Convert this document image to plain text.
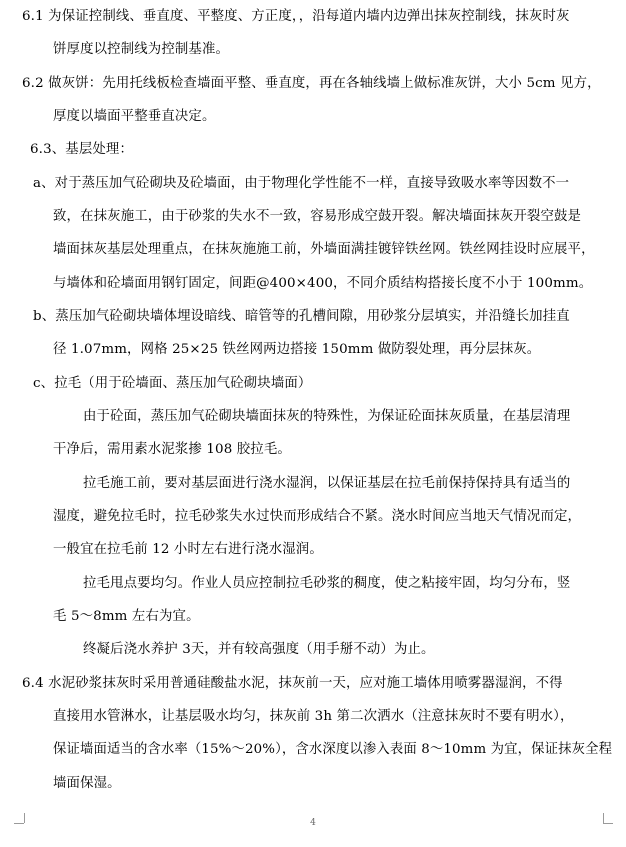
6.1 为保证控制线、垂直度、平整度、方正度，，沿每道内墙内边弹出抹灰控制线，抹灰时灰
饼厚度以控制线为控制基准。
6.2 做灰饼：先用托线板检查墙面平整、垂直度，再在各轴线墙上做标准灰饼，大小 5cm 见方，
厚度以墙面平整垂直决定。
6.3、基层处理：
a、对于蒸压加气砼砌块及砼墙面，由于物理化学性能不一样，直接导致吸水率等因数不一
致，在抹灰施工，由于砂浆的失水不一致，容易形成空鼓开裂。解决墙面抹灰开裂空鼓是
墙面抹灰基层处理重点，在抹灰施施工前，外墙面满挂镀锌铁丝网。铁丝网挂设时应展平，
与墙体和砼墙面用钢钉固定，间距@400×400，不同介质结构搭接长度不小于 100mm。
b、蒸压加气砼砌块墙体埋设暗线、暗管等的孔槽间隙，用砂浆分层填实，并沿缝长加挂直
径 1.07mm，网格 25×25 铁丝网两边搭接 150mm 做防裂处理，再分层抹灰。
c、拉毛（用于砼墙面、蒸压加气砼砌块墙面）
由于砼面，蒸压加气砼砌块墙面抹灰的特殊性，为保证砼面抹灰质量，在基层清理
干净后，需用素水泥浆掺 108 胶拉毛。
拉毛施工前，要对基层面进行浇水湿润，以保证基层在拉毛前保持保持具有适当的
湿度，避免拉毛时，拉毛砂浆失水过快而形成结合不紧。浇水时间应当地天气情况而定，
一般宜在拉毛前 12 小时左右进行浇水湿润。
拉毛甩点要均匀。作业人员应控制拉毛砂浆的稠度，使之粘接牢固，均匀分布，竖
毛 5～8mm 左右为宜。
终凝后浇水养护 3天，并有较高强度（用手掰不动）为止。
6.4 水泥砂浆抹灰时采用普通硅酸盐水泥，抹灰前一天，应对施工墙体用喷雾器湿润，不得
直接用水管淋水，让基层吸水均匀，抹灰前 3h 第二次洒水（注意抹灰时不要有明水），
保证墙面适当的含水率（15%～20%），含水深度以渗入表面 8～10mm 为宜，保证抹灰全程
墙面保湿。
4
